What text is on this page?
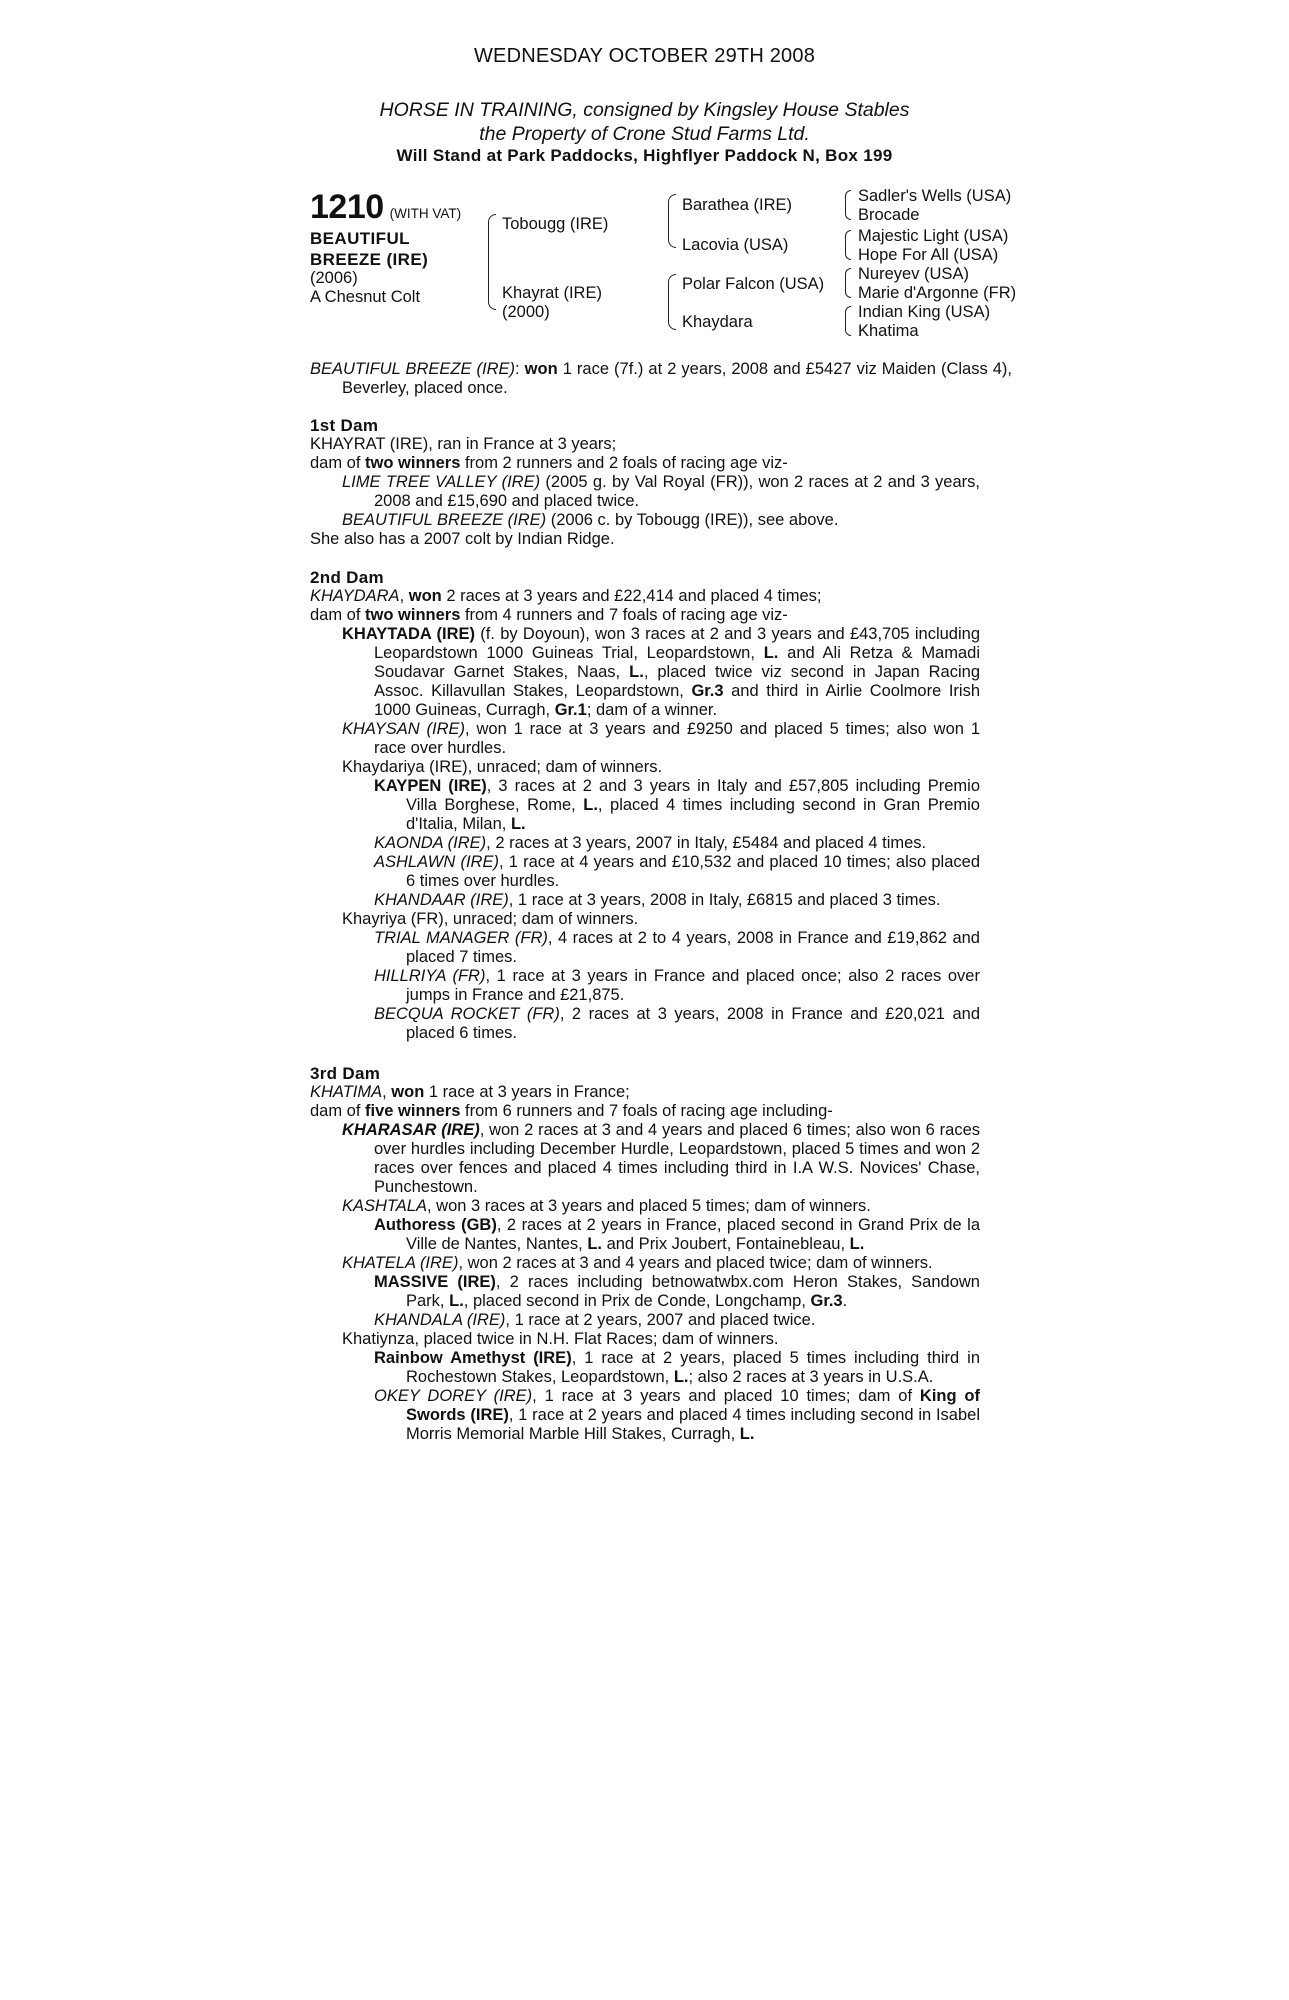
WEDNESDAY OCTOBER 29TH 2008
HORSE IN TRAINING, consigned by Kingsley House Stables
the Property of Crone Stud Farms Ltd.
Will Stand at Park Paddocks, Highflyer Paddock N, Box 199
1210 (WITH VAT)
BEAUTIFUL
BREEZE (IRE)
(2006)
A Chesnut Colt
Tobougg (IRE)
Khayrat (IRE)
(2000)
Barathea (IRE)
Lacovia (USA)
Polar Falcon (USA)
Khaydara
Sadler's Wells (USA)
Brocade
Majestic Light (USA)
Hope For All (USA)
Nureyev (USA)
Marie d'Argonne (FR)
Indian King (USA)
Khatima
BEAUTIFUL BREEZE (IRE): won 1 race (7f.) at 2 years, 2008 and £5427 viz Maiden (Class 4), Beverley, placed once.
1st Dam
KHAYRAT (IRE), ran in France at 3 years;
dam of two winners from 2 runners and 2 foals of racing age viz-
LIME TREE VALLEY (IRE) (2005 g. by Val Royal (FR)), won 2 races at 2 and 3 years, 2008 and £15,690 and placed twice.
BEAUTIFUL BREEZE (IRE) (2006 c. by Tobougg (IRE)), see above.
She also has a 2007 colt by Indian Ridge.
2nd Dam
KHAYDARA, won 2 races at 3 years and £22,414 and placed 4 times;
dam of two winners from 4 runners and 7 foals of racing age viz-
KHAYTADA (IRE) (f. by Doyoun), won 3 races at 2 and 3 years and £43,705 including Leopardstown 1000 Guineas Trial, Leopardstown, L. and Ali Retza & Mamadi Soudavar Garnet Stakes, Naas, L., placed twice viz second in Japan Racing Assoc. Killavullan Stakes, Leopardstown, Gr.3 and third in Airlie Coolmore Irish 1000 Guineas, Curragh, Gr.1; dam of a winner.
KHAYSAN (IRE), won 1 race at 3 years and £9250 and placed 5 times; also won 1 race over hurdles.
Khaydariya (IRE), unraced; dam of winners.
KAYPEN (IRE), 3 races at 2 and 3 years in Italy and £57,805 including Premio Villa Borghese, Rome, L., placed 4 times including second in Gran Premio d'Italia, Milan, L.
KAONDA (IRE), 2 races at 3 years, 2007 in Italy, £5484 and placed 4 times.
ASHLAWN (IRE), 1 race at 4 years and £10,532 and placed 10 times; also placed 6 times over hurdles.
KHANDAAR (IRE), 1 race at 3 years, 2008 in Italy, £6815 and placed 3 times.
Khayriya (FR), unraced; dam of winners.
TRIAL MANAGER (FR), 4 races at 2 to 4 years, 2008 in France and £19,862 and placed 7 times.
HILLRIYA (FR), 1 race at 3 years in France and placed once; also 2 races over jumps in France and £21,875.
BECQUA ROCKET (FR), 2 races at 3 years, 2008 in France and £20,021 and placed 6 times.
3rd Dam
KHATIMA, won 1 race at 3 years in France;
dam of five winners from 6 runners and 7 foals of racing age including-
KHARASAR (IRE), won 2 races at 3 and 4 years and placed 6 times; also won 6 races over hurdles including December Hurdle, Leopardstown, placed 5 times and won 2 races over fences and placed 4 times including third in I.A W.S. Novices' Chase, Punchestown.
KASHTALA, won 3 races at 3 years and placed 5 times; dam of winners.
Authoress (GB), 2 races at 2 years in France, placed second in Grand Prix de la Ville de Nantes, Nantes, L. and Prix Joubert, Fontainebleau, L.
KHATELA (IRE), won 2 races at 3 and 4 years and placed twice; dam of winners.
MASSIVE (IRE), 2 races including betnowatwbx.com Heron Stakes, Sandown Park, L., placed second in Prix de Conde, Longchamp, Gr.3.
KHANDALA (IRE), 1 race at 2 years, 2007 and placed twice.
Khatiynza, placed twice in N.H. Flat Races; dam of winners.
Rainbow Amethyst (IRE), 1 race at 2 years, placed 5 times including third in Rochestown Stakes, Leopardstown, L.; also 2 races at 3 years in U.S.A.
OKEY DOREY (IRE), 1 race at 3 years and placed 10 times; dam of King of Swords (IRE), 1 race at 2 years and placed 4 times including second in Isabel Morris Memorial Marble Hill Stakes, Curragh, L.
